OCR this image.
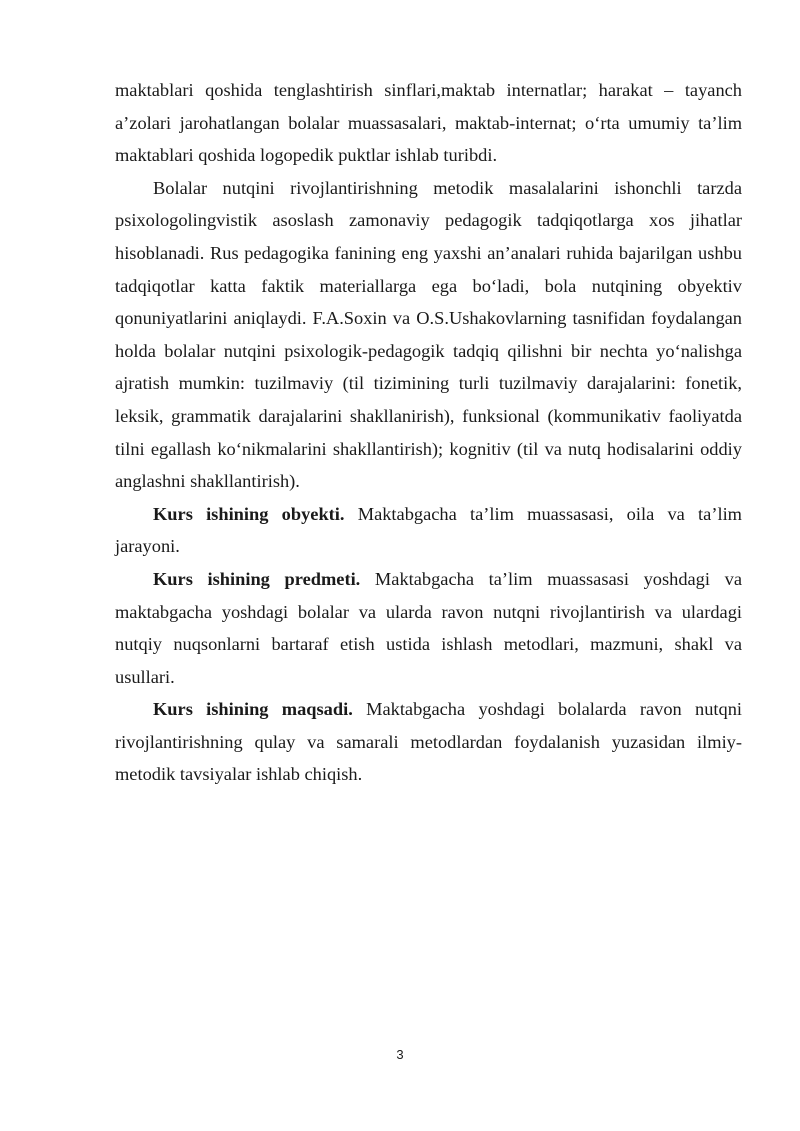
maktablari qoshida tenglashtirish sinflari,maktab internatlar; harakat – tayanch a’zolari jarohatlangan bolalar muassasalari, maktab-internat; o‘rta umumiy ta’lim maktablari qoshida logopedik puktlar ishlab turibdi.

Bolalar nutqini rivojlantirishning metodik masalalarini ishonchli tarzda psixologolingvistik asoslash zamonaviy pedagogik tadqiqotlarga xos jihatlar hisoblanadi. Rus pedagogika fanining eng yaxshi an’analari ruhida bajarilgan ushbu tadqiqotlar katta faktik materiallarga ega bo‘ladi, bola nutqining obyektiv qonuniyatlarini aniqlaydi. F.A.Soxin va O.S.Ushakovlarning tasnifidan foydalangan holda bolalar nutqini psixologik-pedagogik tadqiq qilishni bir nechta yo‘nalishga ajratish mumkin: tuzilmaviy (til tizimining turli tuzilmaviy darajalarini: fonetik, leksik, grammatik darajalarini shakllanirish), funksional (kommunikativ faoliyatda tilni egallash ko‘nikmalarini shakllantirish); kognitiv (til va nutq hodisalarini oddiy anglashni shakllantirish).

Kurs ishining obyekti. Maktabgacha ta’lim muassasasi, oila va ta’lim jarayoni.

Kurs ishining predmeti. Maktabgacha ta’lim muassasasi yoshdagi va maktabgacha yoshdagi bolalar va ularda ravon nutqni rivojlantirish va ulardagi nutqiy nuqsonlarni bartaraf etish ustida ishlash metodlari, mazmuni, shakl va usullari.

Kurs ishining maqsadi. Maktabgacha yoshdagi bolalarda ravon nutqni rivojlantirishning qulay va samarali metodlardan foydalanish yuzasidan ilmiy-metodik tavsiyalar ishlab chiqish.

3
